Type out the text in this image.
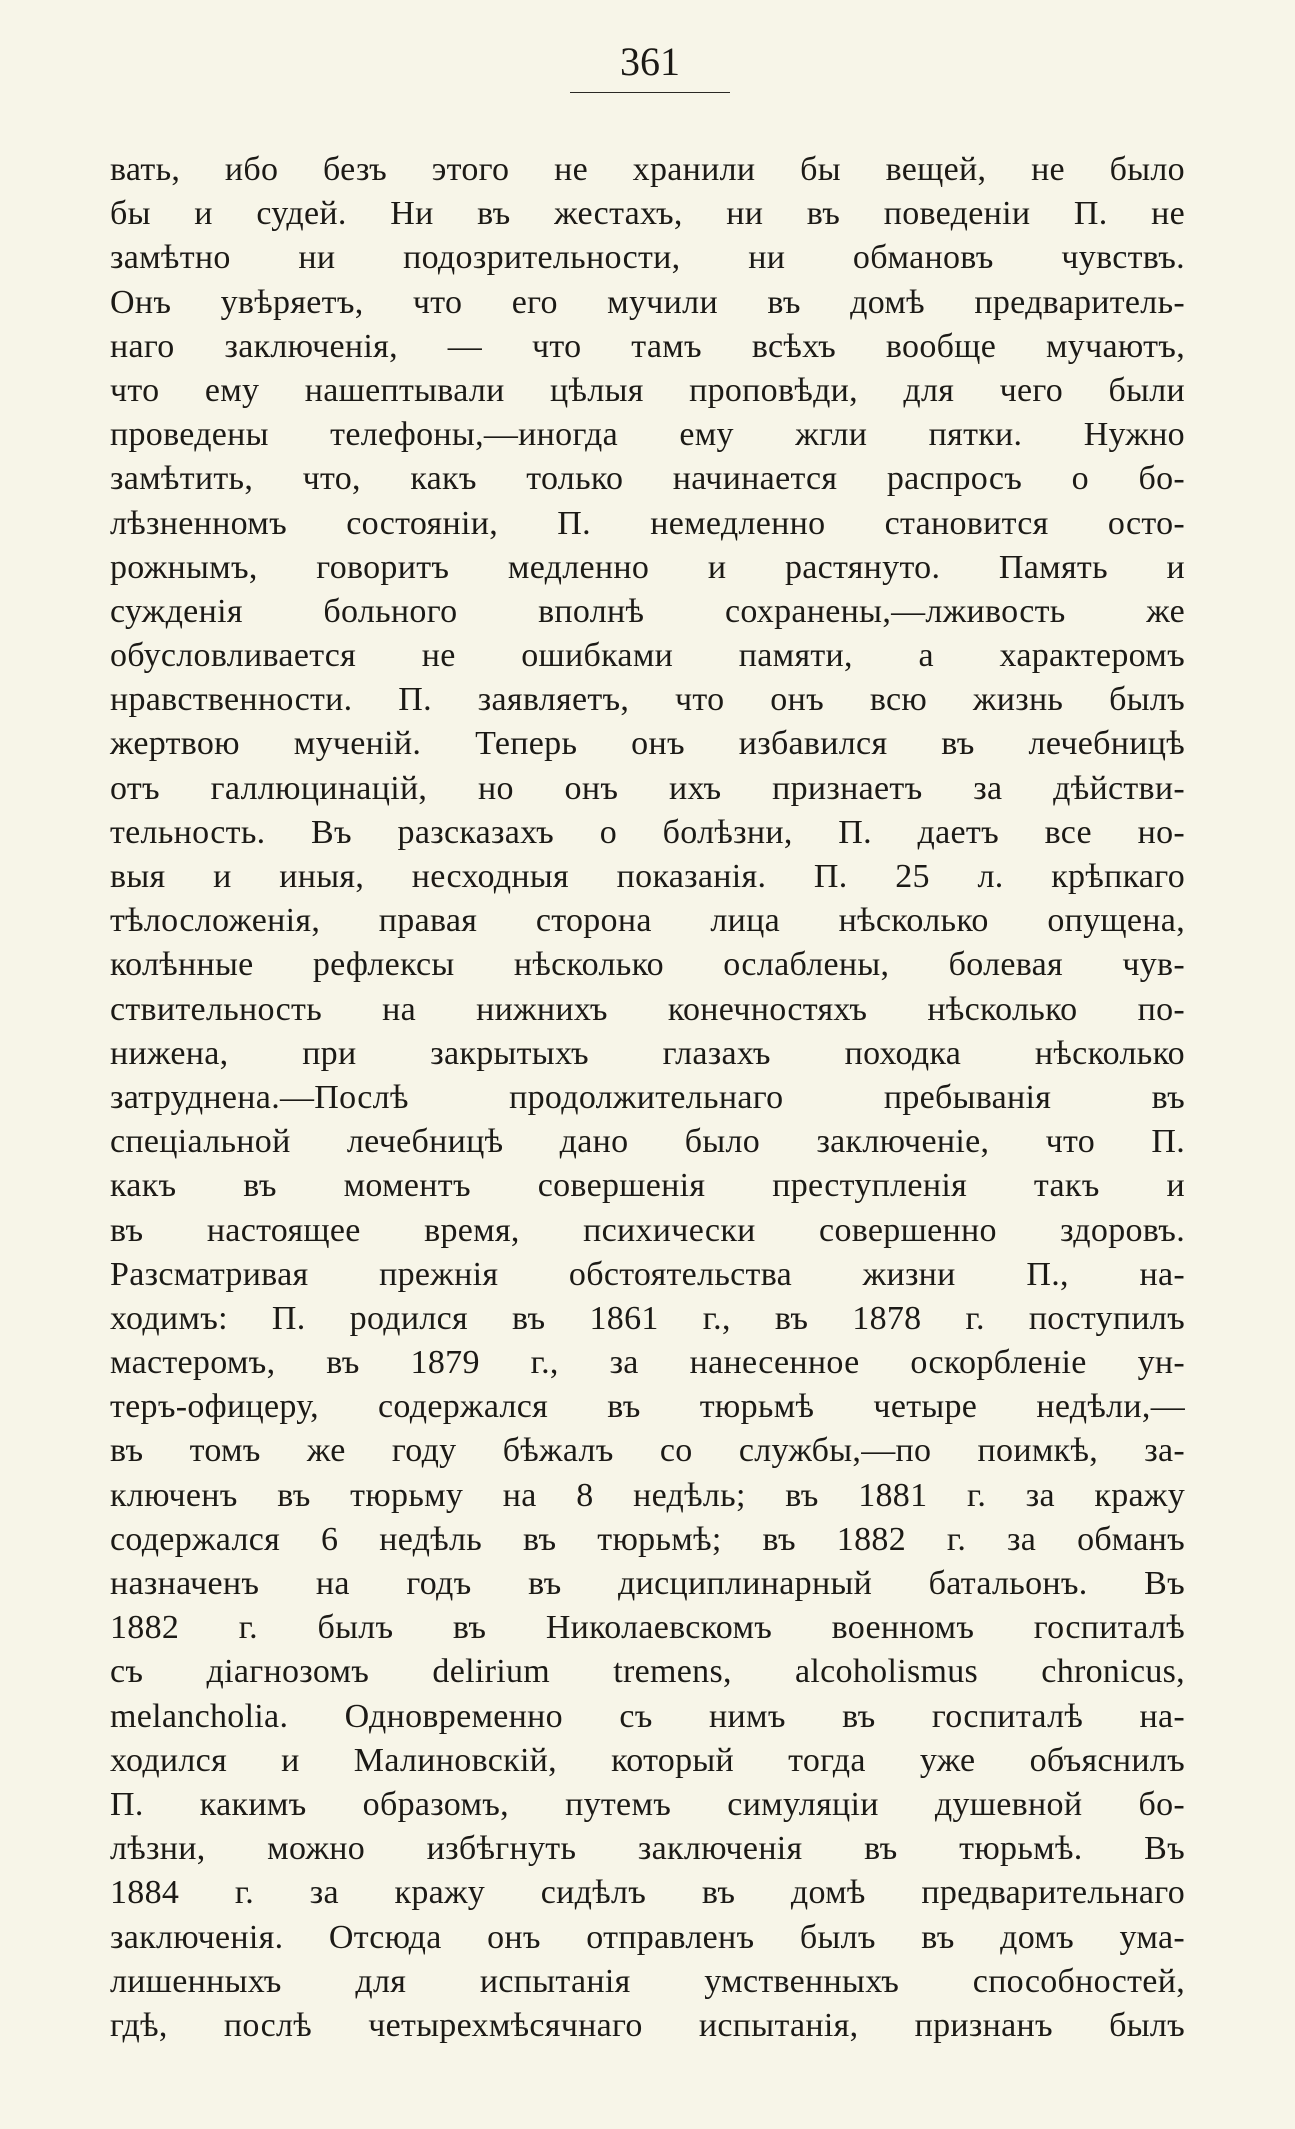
361
вать, ибо безъ этого не хранили бы вещей, не было
бы и судей. Ни въ жестахъ, ни въ поведенiи П. не
замѣтно ни подозрительности, ни обмановъ чувствъ.
Онъ увѣряетъ, что его мучили въ домѣ предваритель-
наго заключенiя, — что тамъ всѣхъ вообще мучаютъ,
что ему нашептывали цѣлыя проповѣди, для чего были
проведены телефоны,—иногда ему жгли пятки. Нужно
замѣтить, что, какъ только начинается распросъ о бо-
лѣзненномъ состоянiи, П. немедленно становится осто-
рожнымъ, говоритъ медленно и растянуто. Память и
сужденiя больного вполнѣ сохранены,—лживость же
обусловливается не ошибками памяти, а характеромъ
нравственности. П. заявляетъ, что онъ всю жизнь былъ
жертвою мученiй. Теперь онъ избавился въ лечебницѣ
отъ галлюцинацiй, но онъ ихъ признаетъ за дѣйстви-
тельность. Въ разсказахъ о болѣзни, П. даетъ все но-
выя и иныя, несходныя показанiя. П. 25 л. крѣпкаго
тѣлосложенiя, правая сторона лица нѣсколько опущена,
колѣнные рефлексы нѣсколько ослаблены, болевая чув-
ствительность на нижнихъ конечностяхъ нѣсколько по-
нижена, при закрытыхъ глазахъ походка нѣсколько
затруднена.—Послѣ продолжительнаго пребыванiя въ
спецiальной лечебницѣ дано было заключенiе, что П.
какъ въ моментъ совершенiя преступленiя такъ и
въ настоящее время, психически совершенно здоровъ.
Разсматривая прежнiя обстоятельства жизни П., на-
ходимъ: П. родился въ 1861 г., въ 1878 г. поступилъ
мастеромъ, въ 1879 г., за нанесенное оскорбленiе ун-
теръ-офицеру, содержался въ тюрьмѣ четыре недѣли,—
въ томъ же году бѣжалъ со службы,—по поимкѣ, за-
ключенъ въ тюрьму на 8 недѣль; въ 1881 г. за кражу
содержался 6 недѣль въ тюрьмѣ; въ 1882 г. за обманъ
назначенъ на годъ въ дисциплинарный батальонъ. Въ
1882 г. былъ въ Николаевскомъ военномъ госпиталѣ
съ дiагнозомъ delirium tremens, alcoholismus chronicus,
melancholia. Одновременно съ нимъ въ госпиталѣ на-
ходился и Малиновскiй, который тогда уже объяснилъ
П. какимъ образомъ, путемъ симуляцiи душевной бо-
лѣзни, можно избѣгнуть заключенiя въ тюрьмѣ. Въ
1884 г. за кражу сидѣлъ въ домѣ предварительнаго
заключенiя. Отсюда онъ отправленъ былъ въ домъ ума-
лишенныхъ для испытанiя умственныхъ способностей,
гдѣ, послѣ четырехмѣсячнаго испытанiя, признанъ былъ
